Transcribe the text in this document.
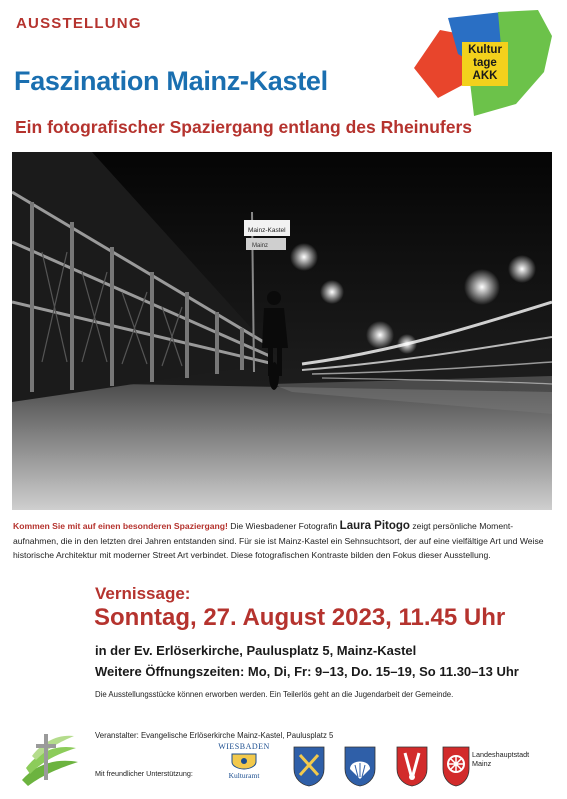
AUSSTELLUNG
Faszination Mainz-Kastel
Ein fotografischer Spaziergang entlang des Rheinufers
Kultur
tage
AKK
Mainz-Kastel
Mainz
Kommen Sie mit auf einen besonderen Spaziergang! Die Wiesbadener Fotografin Laura Pitogo zeigt persönliche Moment-aufnahmen, die in den letzten drei Jahren entstanden sind. Für sie ist Mainz-Kastel ein Sehnsuchtsort, der auf eine vielfältige Art und Weise historische Architektur mit moderner Street Art verbindet. Diese fotografischen Kontraste bilden den Fokus dieser Ausstellung.
Vernissage:
Sonntag, 27. August 2023, 11.45 Uhr
in der Ev. Erlöserkirche, Paulusplatz 5, Mainz-Kastel
Weitere Öffnungszeiten: Mo, Di, Fr: 9–13, Do. 15–19, So 11.30–13 Uhr
Die Ausstellungsstücke können erworben werden. Ein Teilerlös geht an die Jugendarbeit der Gemeinde.
Veranstalter: Evangelische Erlöserkirche Mainz-Kastel, Paulusplatz 5
Mit freundlicher Unterstützung:
WIESBADEN
Kulturamt
Landeshauptstadt
Mainz
